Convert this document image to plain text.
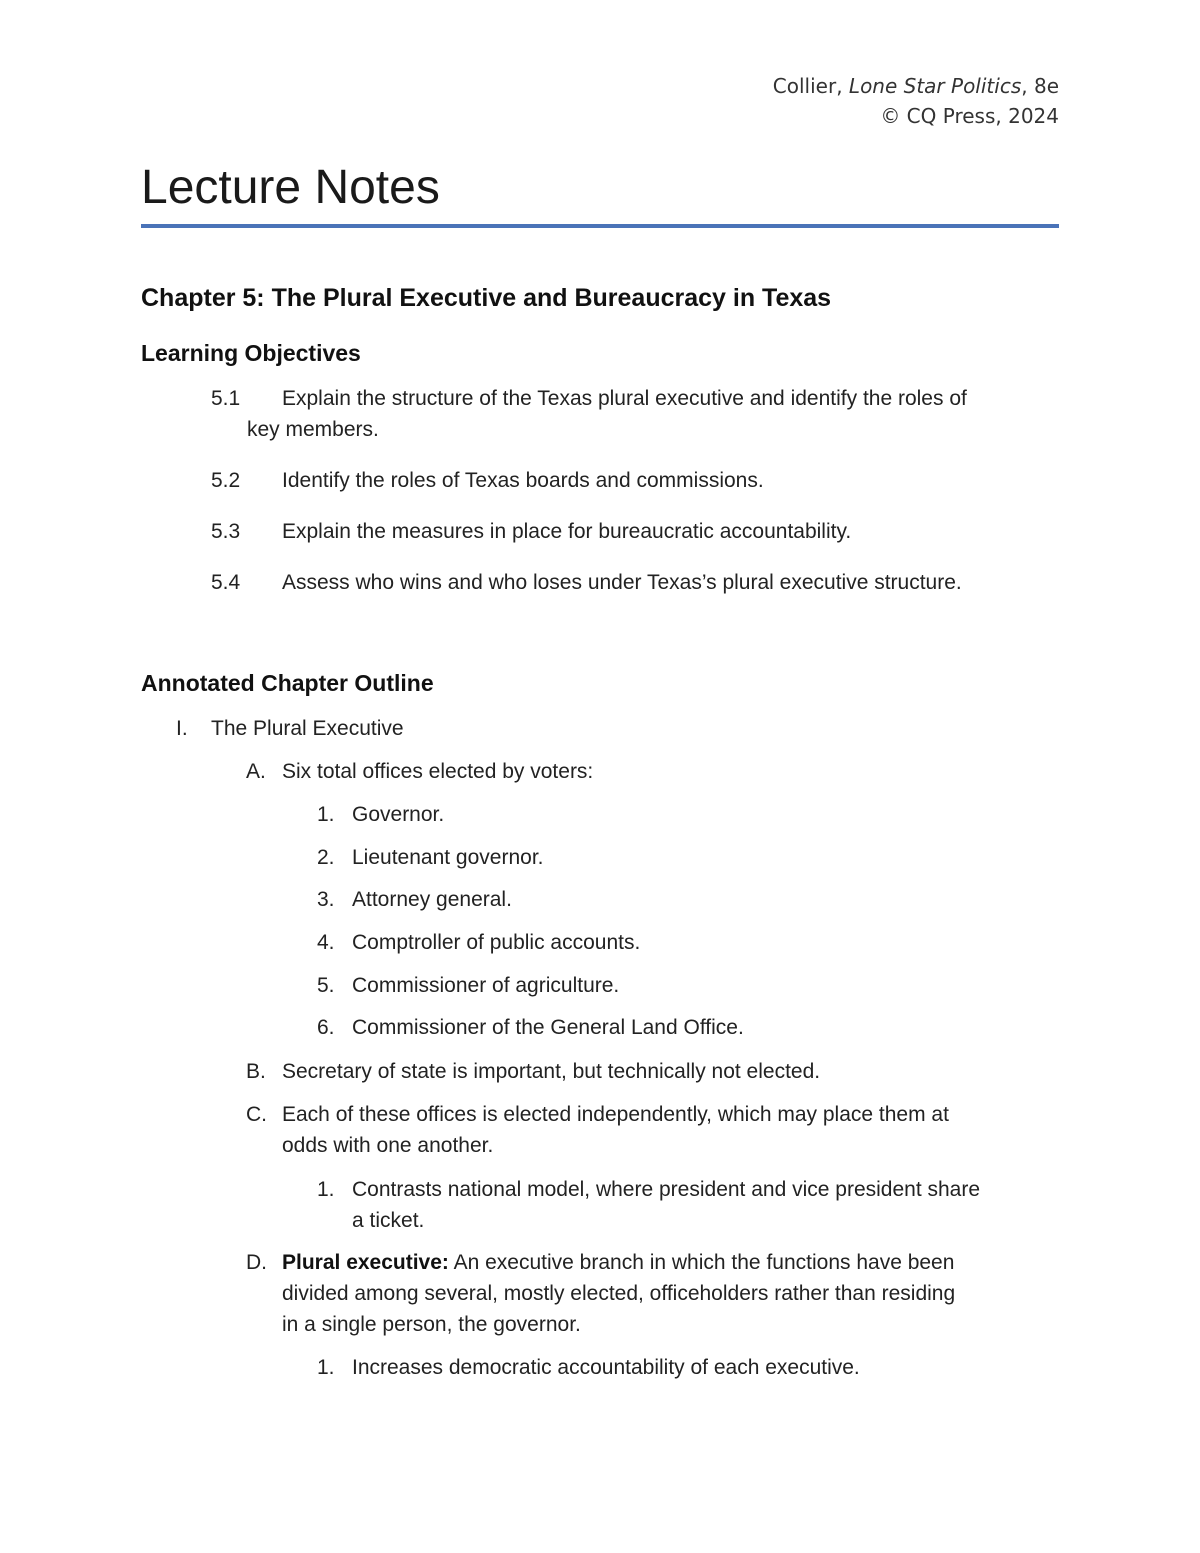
Collier, Lone Star Politics, 8e
© CQ Press, 2024
Lecture Notes
Chapter 5: The Plural Executive and Bureaucracy in Texas
Learning Objectives
5.1 Explain the structure of the Texas plural executive and identify the roles of
key members.
5.2 Identify the roles of Texas boards and commissions.
5.3 Explain the measures in place for bureaucratic accountability.
5.4 Assess who wins and who loses under Texas’s plural executive structure.
Annotated Chapter Outline
I. The Plural Executive
A. Six total offices elected by voters:
1. Governor.
2. Lieutenant governor.
3. Attorney general.
4. Comptroller of public accounts.
5. Commissioner of agriculture.
6. Commissioner of the General Land Office.
B. Secretary of state is important, but technically not elected.
C. Each of these offices is elected independently, which may place them at
odds with one another.
1. Contrasts national model, where president and vice president share
a ticket.
D. Plural executive: An executive branch in which the functions have been
divided among several, mostly elected, officeholders rather than residing
in a single person, the governor.
1. Increases democratic accountability of each executive.
